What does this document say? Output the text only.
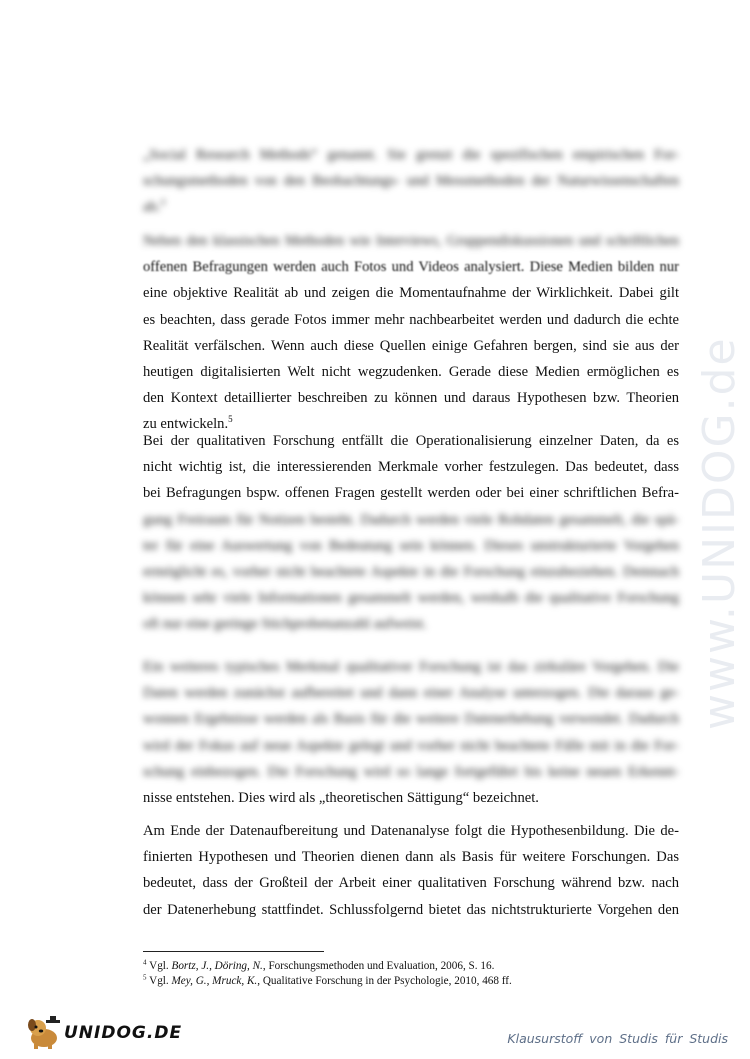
www.UNIDOG.de
„Social Research Methods“ genannt. Sie grenzt die spezifischen empirischen For-
schungsmethoden von den Beobachtungs- und Messmethoden der Naturwissenschaften
ab.$^4$
Neben den klassischen Methoden wie Interviews, Gruppendiskussionen und schriftlichen
offenen Befragungen werden auch Fotos und Videos analysiert. Diese Medien bilden nur
eine objektive Realität ab und zeigen die Momentaufnahme der Wirklichkeit. Dabei gilt
es beachten, dass gerade Fotos immer mehr nachbearbeitet werden und dadurch die echte
Realität verfälschen. Wenn auch diese Quellen einige Gefahren bergen, sind sie aus der
heutigen digitalisierten Welt nicht wegzudenken. Gerade diese Medien ermöglichen es
den Kontext detaillierter beschreiben zu können und daraus Hypothesen bzw. Theorien
zu entwickeln.$^5$
Bei der qualitativen Forschung entfällt die Operationalisierung einzelner Daten, da es
nicht wichtig ist, die interessierenden Merkmale vorher festzulegen. Das bedeutet, dass
bei Befragungen bspw. offenen Fragen gestellt werden oder bei einer schriftlichen Befra-
gung Freiraum für Notizen besteht. Dadurch werden viele Rohdaten gesammelt, die spä-
ter für eine Auswertung von Bedeutung sein können. Dieses unstrukturierte Vorgehen
ermöglicht es, vorher nicht beachtete Aspekte in die Forschung einzubeziehen. Demnach
können sehr viele Informationen gesammelt werden, weshalb die qualitative Forschung
oft nur eine geringe Stichprobenanzahl aufweist.
Ein weiteres typisches Merkmal qualitativer Forschung ist das zirkuläre Vorgehen. Die
Daten werden zunächst aufbereitet und dann einer Analyse unterzogen. Die daraus ge-
wonnen Ergebnisse werden als Basis für die weitere Datenerhebung verwendet. Dadurch
wird der Fokus auf neue Aspekte gelegt und vorher nicht beachtete Fälle mit in die For-
schung einbezogen. Die Forschung wird so lange fortgeführt bis keine neuen Erkennt-
nisse entstehen. Dies wird als „theoretischen Sättigung“ bezeichnet.
Am Ende der Datenaufbereitung und Datenanalyse folgt die Hypothesenbildung. Die de-
finierten Hypothesen und Theorien dienen dann als Basis für weitere Forschungen. Das
bedeutet, dass der Großteil der Arbeit einer qualitativen Forschung während bzw. nach
der Datenerhebung stattfindet. Schlussfolgernd bietet das nichtstrukturierte Vorgehen den
$^4$ Vgl. Bortz, J., Döring, N., Forschungsmethoden und Evaluation, 2006, S. 16.
$^5$ Vgl. Mey, G., Mruck, K., Qualitative Forschung in der Psychologie, 2010, 468 ff.
UNIDOG.DE	Klausurstoff von Studis für Studis
